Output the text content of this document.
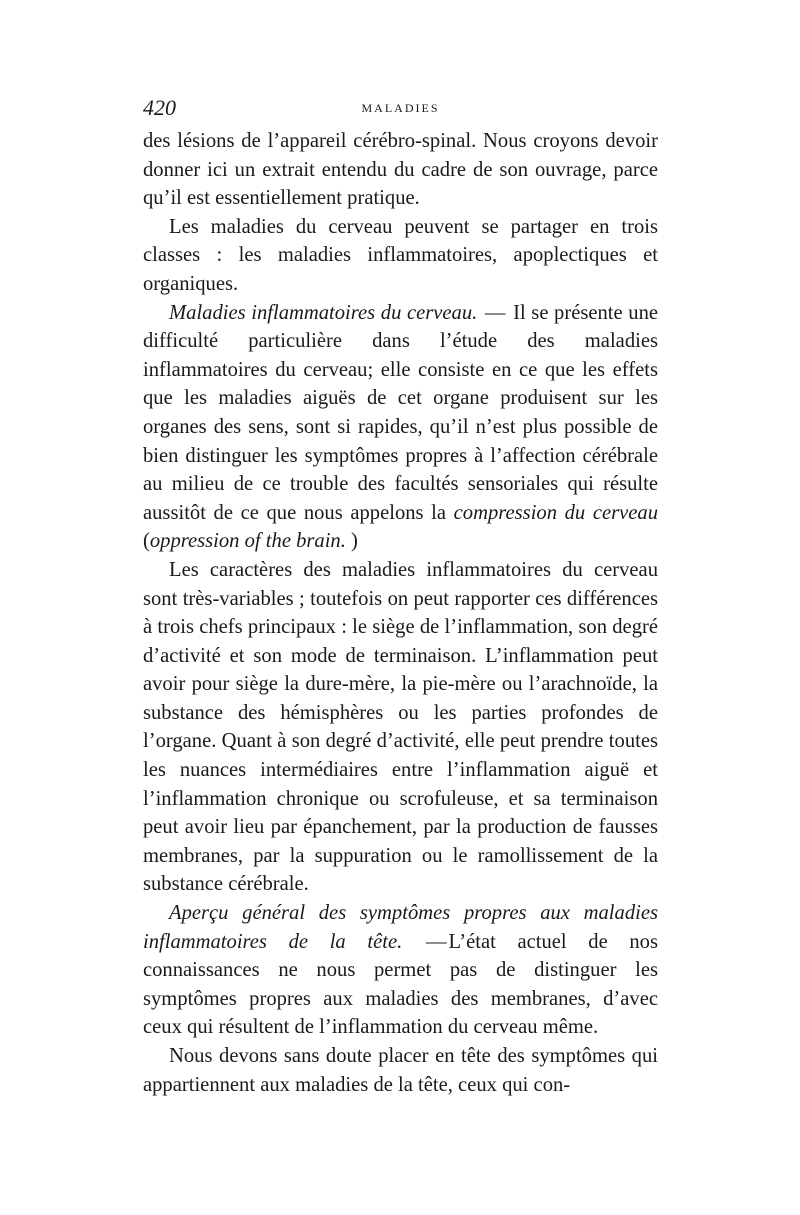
420	MALADIES

des lésions de l’appareil cérébro-spinal. Nous croyons devoir donner ici un extrait entendu du cadre de son ouvrage, parce qu’il est essentiellement pratique.

Les maladies du cerveau peuvent se partager en trois classes : les maladies inflammatoires, apoplectiques et organiques.

Maladies inflammatoires du cerveau. — Il se présente une difficulté particulière dans l’étude des maladies inflammatoires du cerveau; elle consiste en ce que les effets que les maladies aiguës de cet organe produisent sur les organes des sens, sont si rapides, qu’il n’est plus possible de bien distinguer les symptômes propres à l’affection cérébrale au milieu de ce trouble des facultés sensoriales qui résulte aussitôt de ce que nous appelons la compression du cerveau (oppression of the brain. )

Les caractères des maladies inflammatoires du cerveau sont très-variables ; toutefois on peut rapporter ces différences à trois chefs principaux : le siège de l’inflammation, son degré d’activité et son mode de terminaison. L’inflammation peut avoir pour siège la dure-mère, la pie-mère ou l’arachnoïde, la substance des hémisphères ou les parties profondes de l’organe. Quant à son degré d’activité, elle peut prendre toutes les nuances intermédiaires entre l’inflammation aiguë et l’inflammation chronique ou scrofuleuse, et sa terminaison peut avoir lieu par épanchement, par la production de fausses membranes, par la suppuration ou le ramollissement de la substance cérébrale.

Aperçu général des symptômes propres aux maladies inflammatoires de la tête. —L’état actuel de nos connaissances ne nous permet pas de distinguer les symptômes propres aux maladies des membranes, d’avec ceux qui résultent de l’inflammation du cerveau même.

Nous devons sans doute placer en tête des symptômes qui appartiennent aux maladies de la tête, ceux qui con-
